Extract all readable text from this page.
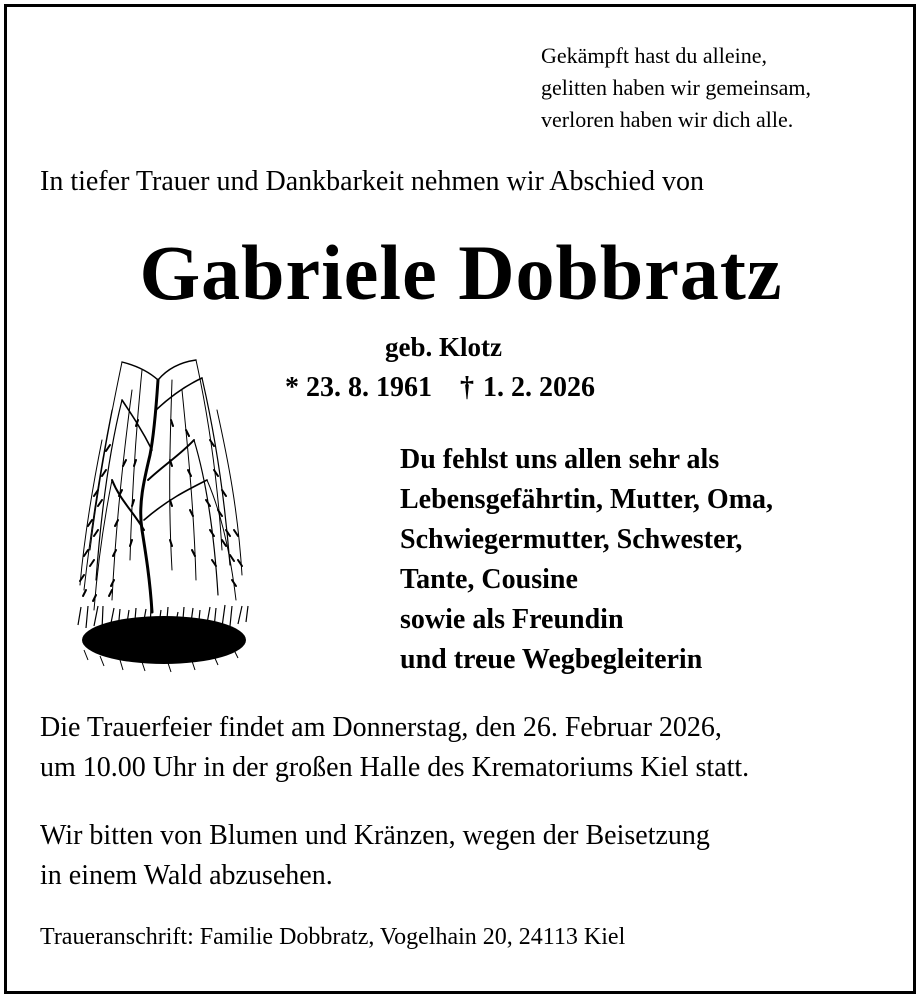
Gekämpft hast du alleine,
gelitten haben wir gemeinsam,
verloren haben wir dich alle.
In tiefer Trauer und Dankbarkeit nehmen wir Abschied von
Gabriele Dobbratz
geb. Klotz
* 23. 8. 1961 † 1. 2. 2026
Du fehlst uns allen sehr als
Lebensgefährtin, Mutter, Oma,
Schwiegermutter, Schwester,
Tante, Cousine
sowie als Freundin
und treue Wegbegleiterin
Die Trauerfeier findet am Donnerstag, den 26. Februar 2026,
um 10.00 Uhr in der großen Halle des Krematoriums Kiel statt.
Wir bitten von Blumen und Kränzen, wegen der Beisetzung
in einem Wald abzusehen.
Traueranschrift: Familie Dobbratz, Vogelhain 20, 24113 Kiel
